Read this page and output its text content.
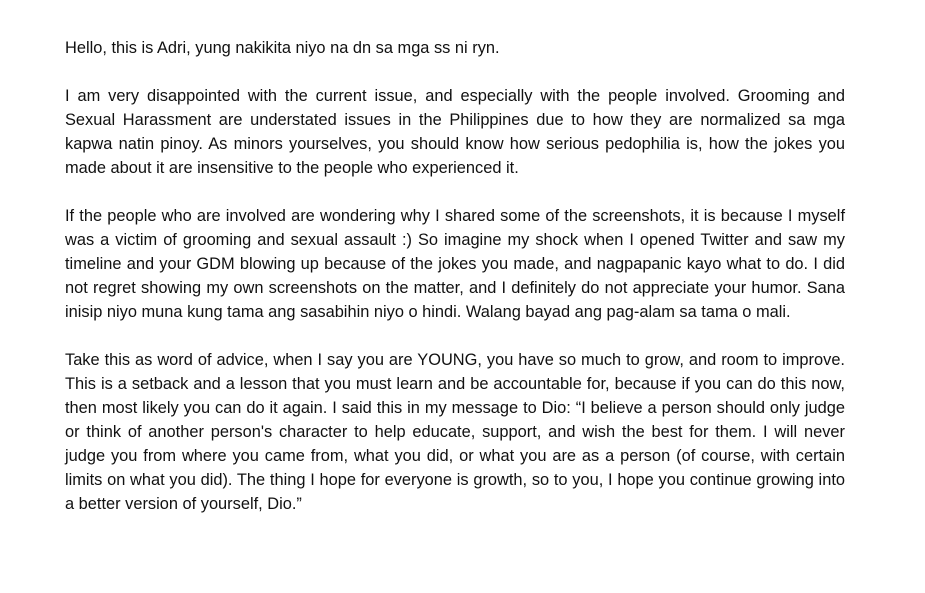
Hello, this is Adri, yung nakikita niyo na dn sa mga ss ni ryn.

I am very disappointed with the current issue, and especially with the people involved. Grooming and Sexual Harassment are understated issues in the Philippines due to how they are normalized sa mga kapwa natin pinoy. As minors yourselves, you should know how serious pedophilia is, how the jokes you made about it are insensitive to the people who experienced it.

If the people who are involved are wondering why I shared some of the screenshots, it is because I myself was a victim of grooming and sexual assault :) So imagine my shock when I opened Twitter and saw my timeline and your GDM blowing up because of the jokes you made, and nagpapanic kayo what to do. I did not regret showing my own screenshots on the matter, and I definitely do not appreciate your humor. Sana inisip niyo muna kung tama ang sasabihin niyo o hindi. Walang bayad ang pag-alam sa tama o mali.

Take this as word of advice, when I say you are YOUNG, you have so much to grow, and room to improve. This is a setback and a lesson that you must learn and be accountable for, because if you can do this now, then most likely you can do it again. I said this in my message to Dio: “I believe a person should only judge or think of another person's character to help educate, support, and wish the best for them. I will never judge you from where you came from, what you did, or what you are as a person (of course, with certain limits on what you did). The thing I hope for everyone is growth, so to you, I hope you continue growing into a better version of yourself, Dio.”
